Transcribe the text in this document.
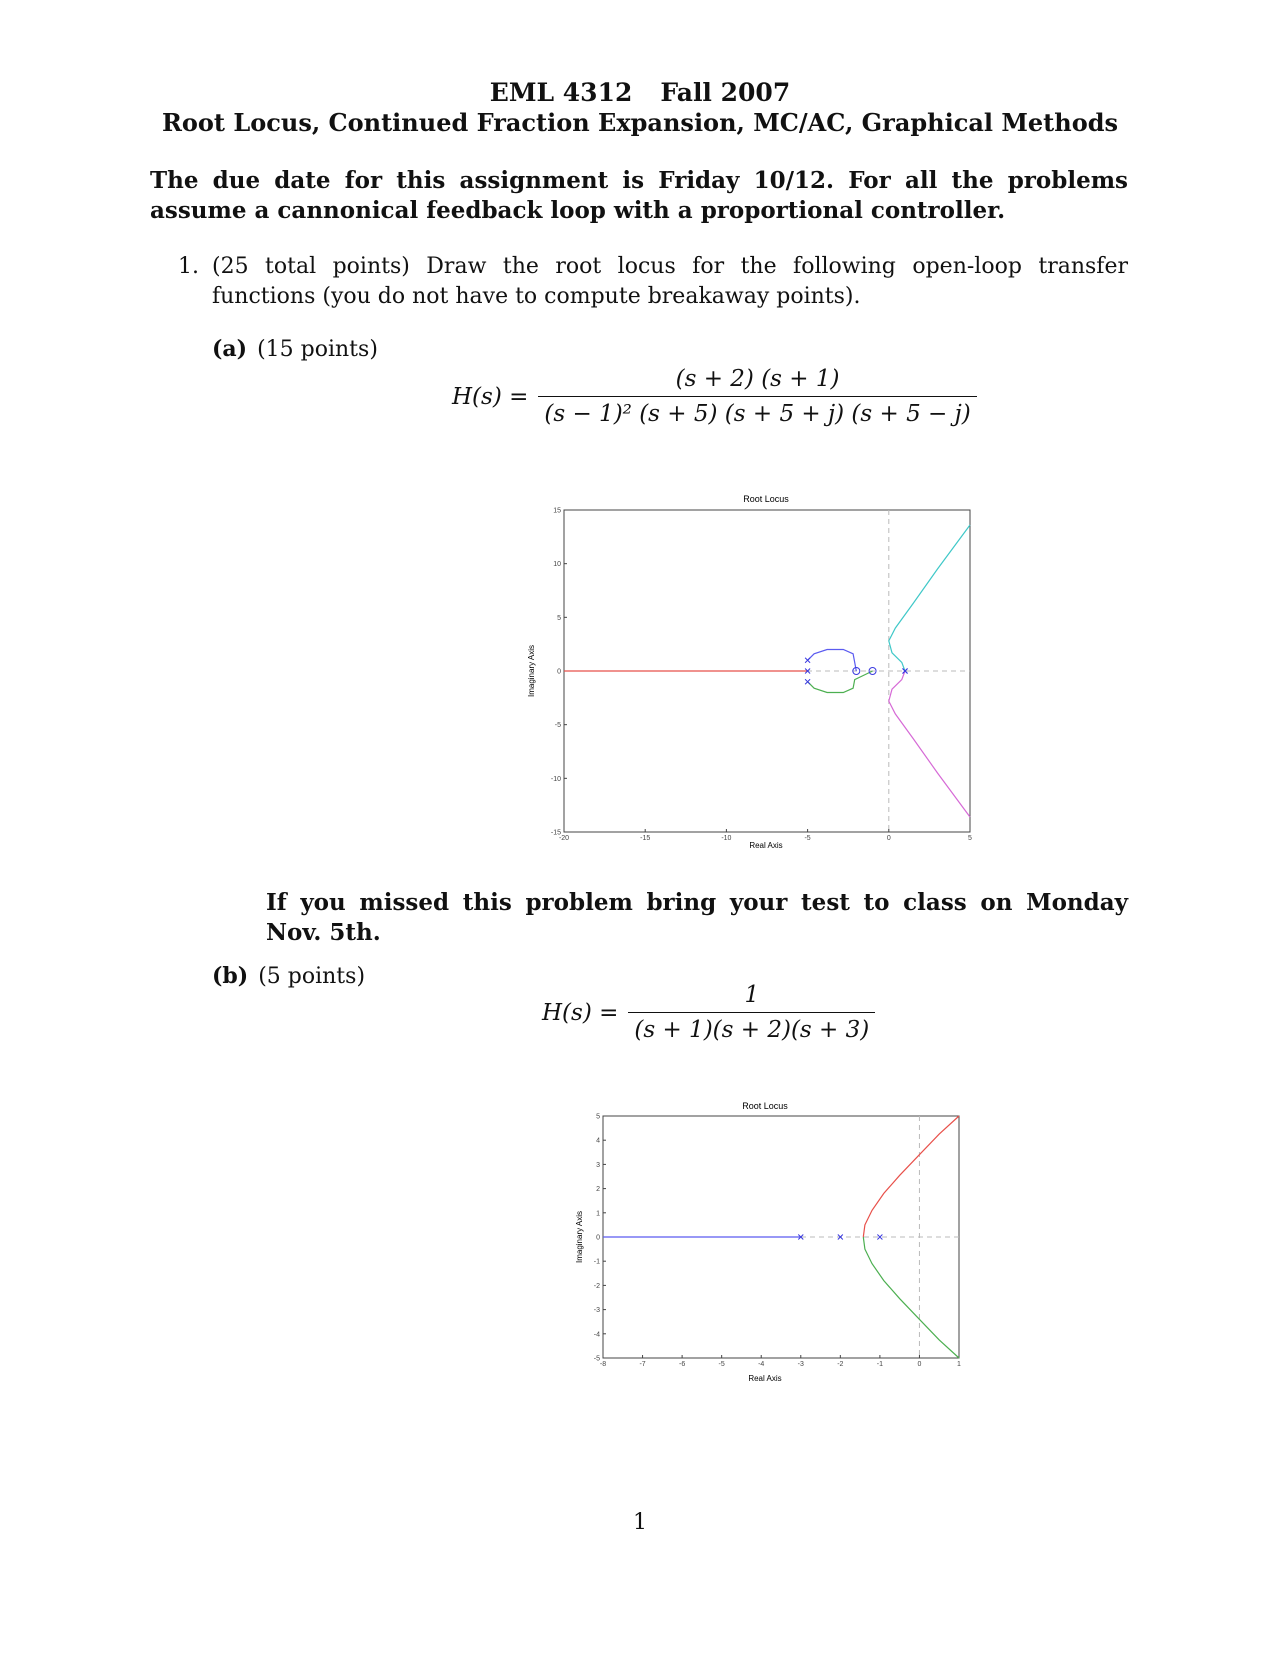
EML 4312 Fall 2007
Root Locus, Continued Fraction Expansion, MC/AC, Graphical Methods
The due date for this assignment is Friday 10/12. For all the problems assume a cannonical feedback loop with a proportional controller.
1. (25 total points) Draw the root locus for the following open-loop transfer functions (you do not have to compute breakaway points).
(a) (15 points)
$H(s) = \frac{(s + 2) (s + 1)}{\text{(s − 1)² (s + 5) (s + 5 + j) (s + 5 − j)}}$
Root Locus
-20	-15	-10	-5	0	5
15
10
5
0
-5
-10
-15
Real Axis
Imaginary Axis
If you missed this problem bring your test to class on Monday Nov. 5th.
(b) (5 points)
$H(s) = \frac{1}{(s + 1)(s + 2)(s + 3)}$
Root Locus
-8	-7	-6	-5	-4	-3	-2	-1	0	1
5
4
3
2
1
0
-1
-2
-3
-4
-5
Real Axis
Imaginary Axis
1
